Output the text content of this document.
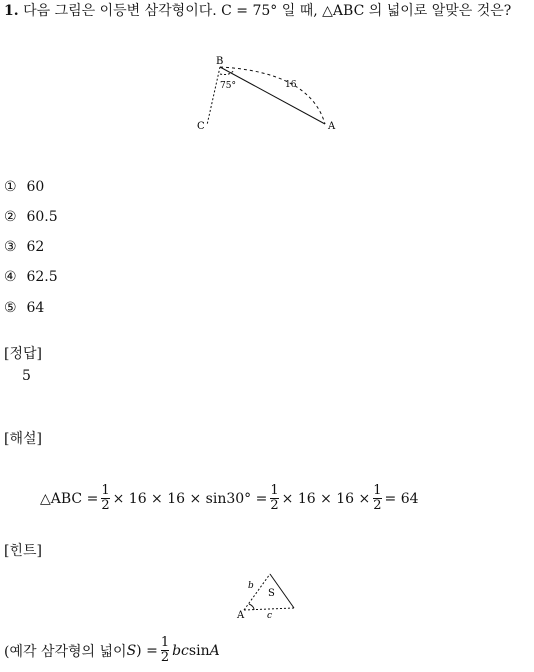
1. 다음 그림은 이등변 삼각형이다. C = 75° 일 때, △ABC 의 넓이로 알맞은 것은?
B
C	A
75°	16
① 60
② 60.5
③ 62
④ 62.5
⑤ 64
[정답]
5
[해설]
△ABC = $\frac{1}{2} \times 16 \times 16 \times \sin 30^\circ = \frac{1}{2} \times 16 \times 16 \times \frac{1}{2} = 64$
[힌트]
A
b
c
S
(예각 삼각형의 넓이 S ) = $\frac{1}{2}$ bc sin A
